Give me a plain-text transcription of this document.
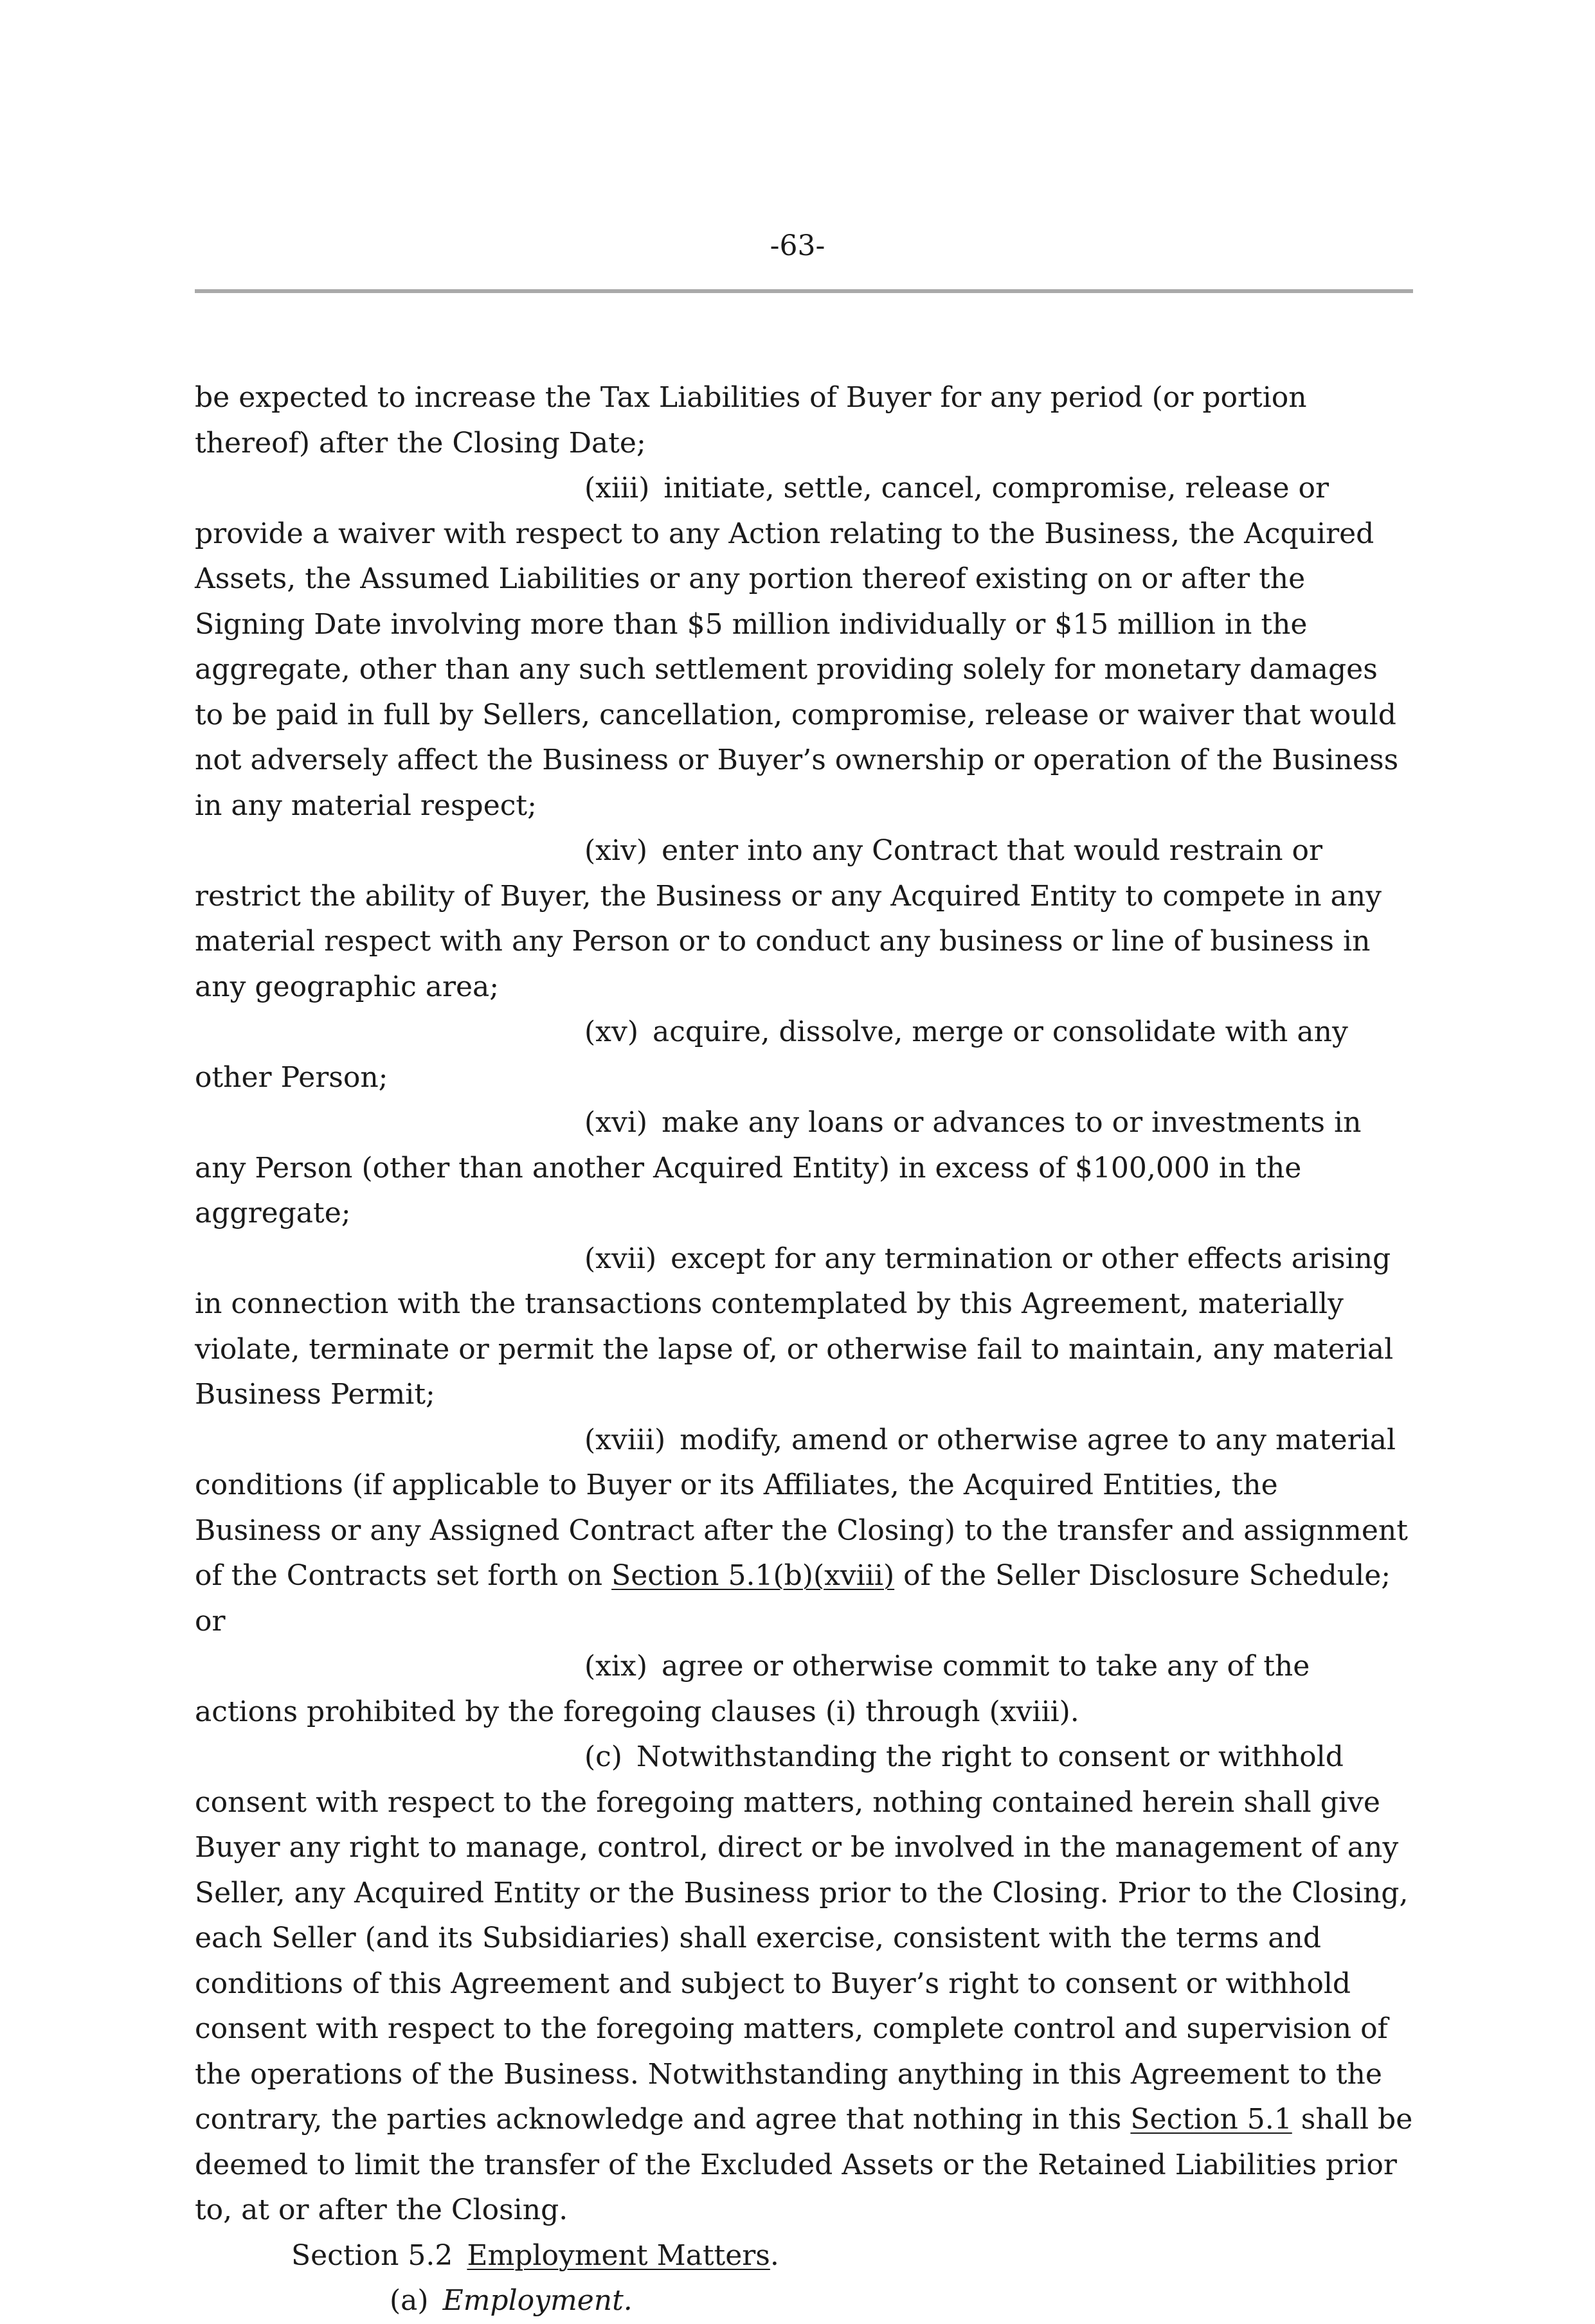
-63-

be expected to increase the Tax Liabilities of Buyer for any period (or portion thereof) after the Closing Date;

(xiii) initiate, settle, cancel, compromise, release or provide a waiver with respect to any Action relating to the Business, the Acquired Assets, the Assumed Liabilities or any portion thereof existing on or after the Signing Date involving more than $5 million individually or $15 million in the aggregate, other than any such settlement providing solely for monetary damages to be paid in full by Sellers, cancellation, compromise, release or waiver that would not adversely affect the Business or Buyer’s ownership or operation of the Business in any material respect;

(xiv) enter into any Contract that would restrain or restrict the ability of Buyer, the Business or any Acquired Entity to compete in any material respect with any Person or to conduct any business or line of business in any geographic area;

(xv) acquire, dissolve, merge or consolidate with any other Person;

(xvi) make any loans or advances to or investments in any Person (other than another Acquired Entity) in excess of $100,000 in the aggregate;

(xvii) except for any termination or other effects arising in connection with the transactions contemplated by this Agreement, materially violate, terminate or permit the lapse of, or otherwise fail to maintain, any material Business Permit;

(xviii) modify, amend or otherwise agree to any material conditions (if applicable to Buyer or its Affiliates, the Acquired Entities, the Business or any Assigned Contract after the Closing) to the transfer and assignment of the Contracts set forth on Section 5.1(b)(xviii) of the Seller Disclosure Schedule; or

(xix) agree or otherwise commit to take any of the actions prohibited by the foregoing clauses (i) through (xviii).

(c) Notwithstanding the right to consent or withhold consent with respect to the foregoing matters, nothing contained herein shall give Buyer any right to manage, control, direct or be involved in the management of any Seller, any Acquired Entity or the Business prior to the Closing. Prior to the Closing, each Seller (and its Subsidiaries) shall exercise, consistent with the terms and conditions of this Agreement and subject to Buyer’s right to consent or withhold consent with respect to the foregoing matters, complete control and supervision of the operations of the Business. Notwithstanding anything in this Agreement to the contrary, the parties acknowledge and agree that nothing in this Section 5.1 shall be deemed to limit the transfer of the Excluded Assets or the Retained Liabilities prior to, at or after the Closing.

Section 5.2 Employment Matters.

(a) Employment.
